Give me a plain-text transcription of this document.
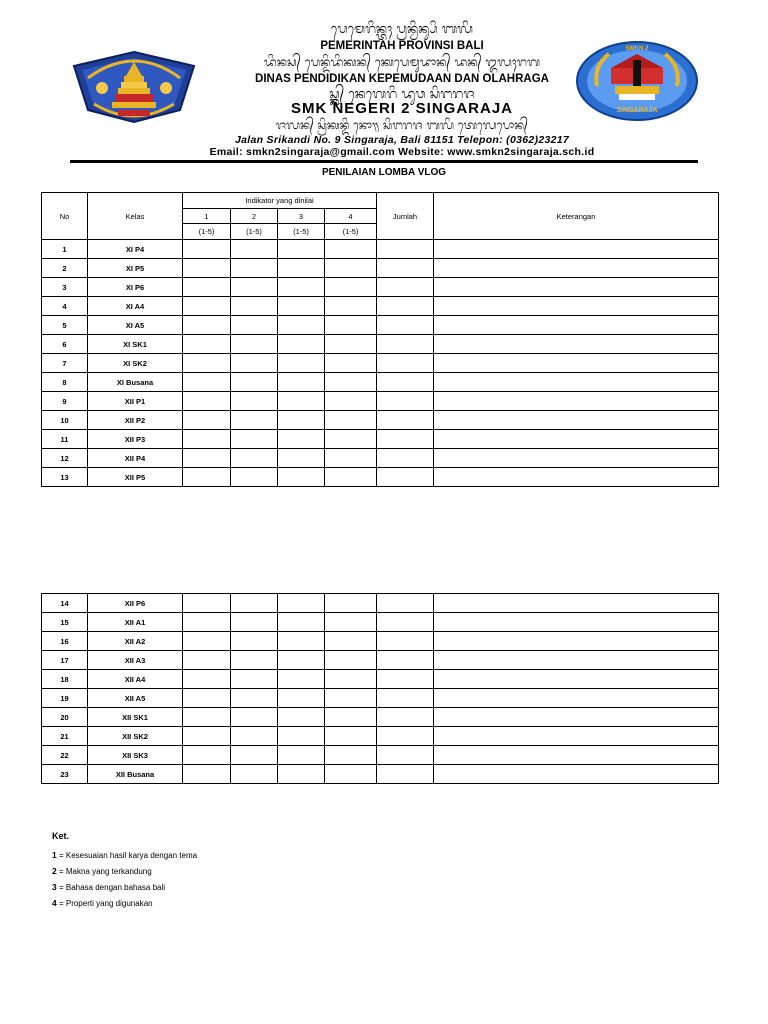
ᬧᬾᬫᬾᬭᬶᬦ᭄ᬢᬄ ᬧ᭄ᬭᬦ᭄ᬯᬶᬦ᭄ᬲᬶ ᬩᬮᬶ

PEMERINTAH PROVINSI BALI

ᬤᬶᬦᬲ᭄ ᬧᬾᬦ᭄ᬤᬶᬤᬶᬓᬦ᭄ ᬓᬾᬧᬾᬫᬸᬤᬵᬦ᭄ ᬤᬦ᭄ ᬑᬮᬄᬭᬕ

DINAS PENDIDIKAN KEPEMUDAAN DAN OLAHRAGA

ᬲ᭄ᬫ᭄ᬓ᭄ ᬦᬾᬕᬾᬭᬶ ᬤᬸᬯ ᬲᬶᬗᬭᬚ

SMK NEGERI 2 SINGARAJA

ᬚᬮᬦ᭄ ᬲ᭄ᬭᬶᬓᬦ᭄ᬤᬶ ᬦᭀ᭟ ᬲᬶᬗᬭᬚ ᬩᬮᬶ ᬢᬾᬮᬾᬧᭀᬦ᭄

Jalan Srikandi No. 9 Singaraja, Bali 81151 Telepon: (0362)23217

Email: smkn2singaraja@gmail.com Website: www.smkn2singaraja.sch.id

SMKN 2
SINGARAJA

PENILAIAN LOMBA VLOG

No	Kelas	Indikator yang dinilai				Jumlah	Keterangan
		1	2	3	4		
		(1-5)	(1-5)	(1-5)	(1-5)		
1	XI P4						
2	XI P5						
3	XI P6						
4	XI A4						
5	XI A5						
6	XI SK1						
7	XI SK2						
8	XI Busana						
9	XII P1						
10	XII P2						
11	XII P3						
12	XII P4						
13	XII P5						
14	XII P6						
15	XII A1						
16	XII A2						
17	XII A3						
18	XII A4						
19	XII A5						
20	XII SK1						
21	XII SK2						
22	XII SK3						
23	XII Busana						

Ket.

1 = Kesesuaian hasil karya dengan tema
2 = Makna yang terkandung
3 = Bahasa dengan bahasa bali
4 = Properti yang digunakan
